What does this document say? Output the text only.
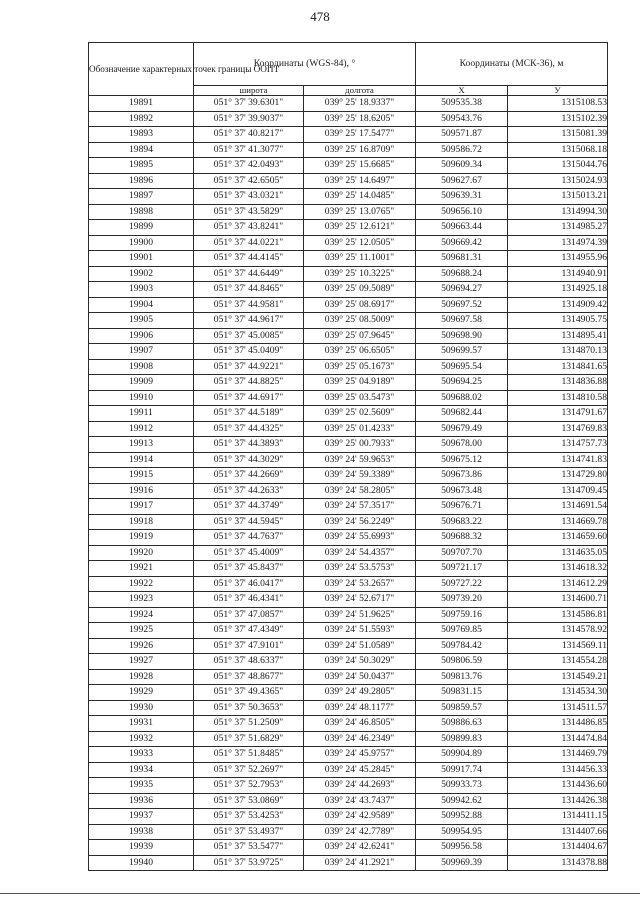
478
Обозначение характерных точек границы ООПТ	Координаты (WGS-84), °		Координаты (МСК-36), м	
	широта	долгота	X	У
19891	051° 37' 39.6301"	039° 25' 18.9337"	509535.38	1315108.53
19892	051° 37' 39.9037"	039° 25' 18.6205"	509543.76	1315102.39
19893	051° 37' 40.8217"	039° 25' 17.5477"	509571.87	1315081.39
19894	051° 37' 41.3077"	039° 25' 16.8709"	509586.72	1315068.18
19895	051° 37' 42.0493"	039° 25' 15.6685"	509609.34	1315044.76
19896	051° 37' 42.6505"	039° 25' 14.6497"	509627.67	1315024.93
19897	051° 37' 43.0321"	039° 25' 14.0485"	509639.31	1315013.21
19898	051° 37' 43.5829"	039° 25' 13.0765"	509656.10	1314994.30
19899	051° 37' 43.8241"	039° 25' 12.6121"	509663.44	1314985.27
19900	051° 37' 44.0221"	039° 25' 12.0505"	509669.42	1314974.39
19901	051° 37' 44.4145"	039° 25' 11.1001"	509681.31	1314955.96
19902	051° 37' 44.6449"	039° 25' 10.3225"	509688.24	1314940.91
19903	051° 37' 44.8465"	039° 25' 09.5089"	509694.27	1314925.18
19904	051° 37' 44.9581"	039° 25' 08.6917"	509697.52	1314909.42
19905	051° 37' 44.9617"	039° 25' 08.5009"	509697.58	1314905.75
19906	051° 37' 45.0085"	039° 25' 07.9645"	509698.90	1314895.41
19907	051° 37' 45.0409"	039° 25' 06.6505"	509699.57	1314870.13
19908	051° 37' 44.9221"	039° 25' 05.1673"	509695.54	1314841.65
19909	051° 37' 44.8825"	039° 25' 04.9189"	509694.25	1314836.88
19910	051° 37' 44.6917"	039° 25' 03.5473"	509688.02	1314810.58
19911	051° 37' 44.5189"	039° 25' 02.5609"	509682.44	1314791.67
19912	051° 37' 44.4325"	039° 25' 01.4233"	509679.49	1314769.83
19913	051° 37' 44.3893"	039° 25' 00.7933"	509678.00	1314757.73
19914	051° 37' 44.3029"	039° 24' 59.9653"	509675.12	1314741.83
19915	051° 37' 44.2669"	039° 24' 59.3389"	509673.86	1314729.80
19916	051° 37' 44.2633"	039° 24' 58.2805"	509673.48	1314709.45
19917	051° 37' 44.3749"	039° 24' 57.3517"	509676.71	1314691.54
19918	051° 37' 44.5945"	039° 24' 56.2249"	509683.22	1314669.78
19919	051° 37' 44.7637"	039° 24' 55.6993"	509688.32	1314659.60
19920	051° 37' 45.4009"	039° 24' 54.4357"	509707.70	1314635.05
19921	051° 37' 45.8437"	039° 24' 53.5753"	509721.17	1314618.32
19922	051° 37' 46.0417"	039° 24' 53.2657"	509727.22	1314612.29
19923	051° 37' 46.4341"	039° 24' 52.6717"	509739.20	1314600.71
19924	051° 37' 47.0857"	039° 24' 51.9625"	509759.16	1314586.81
19925	051° 37' 47.4349"	039° 24' 51.5593"	509769.85	1314578.92
19926	051° 37' 47.9101"	039° 24' 51.0589"	509784.42	1314569.11
19927	051° 37' 48.6337"	039° 24' 50.3029"	509806.59	1314554.28
19928	051° 37' 48.8677"	039° 24' 50.0437"	509813.76	1314549.21
19929	051° 37' 49.4365"	039° 24' 49.2805"	509831.15	1314534.30
19930	051° 37' 50.3653"	039° 24' 48.1177"	509859.57	1314511.57
19931	051° 37' 51.2509"	039° 24' 46.8505"	509886.63	1314486.85
19932	051° 37' 51.6829"	039° 24' 46.2349"	509899.83	1314474.84
19933	051° 37' 51.8485"	039° 24' 45.9757"	509904.89	1314469.79
19934	051° 37' 52.2697"	039° 24' 45.2845"	509917.74	1314456.33
19935	051° 37' 52.7953"	039° 24' 44.2693"	509933.73	1314436.60
19936	051° 37' 53.0869"	039° 24' 43.7437"	509942.62	1314426.38
19937	051° 37' 53.4253"	039° 24' 42.9589"	509952.88	1314411.15
19938	051° 37' 53.4937"	039° 24' 42.7789"	509954.95	1314407.66
19939	051° 37' 53.5477"	039° 24' 42.6241"	509956.58	1314404.67
19940	051° 37' 53.9725"	039° 24' 41.2921"	509969.39	1314378.88
